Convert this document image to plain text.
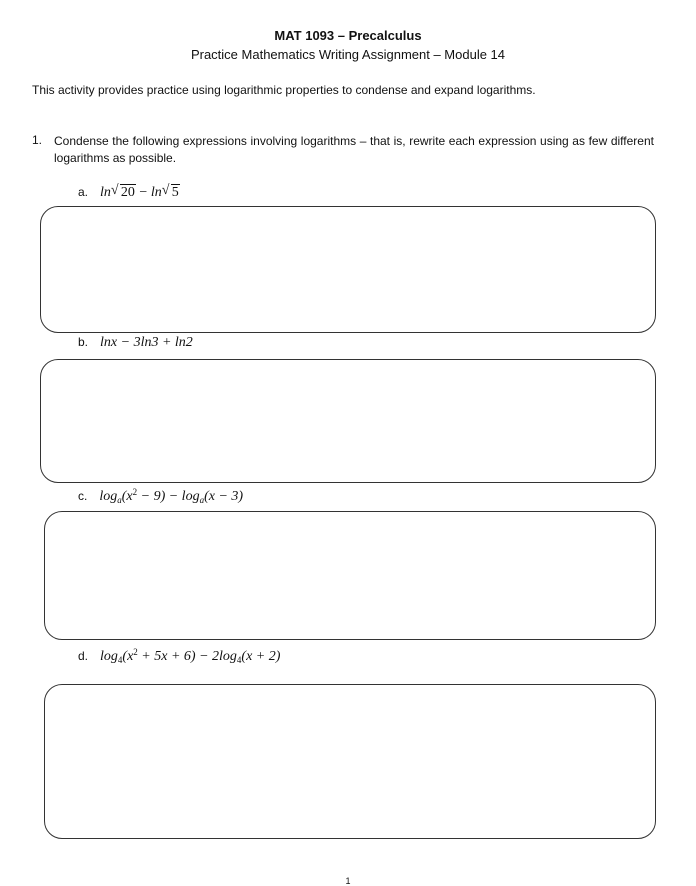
MAT 1093 – Precalculus
Practice Mathematics Writing Assignment – Module 14
This activity provides practice using logarithmic properties to condense and expand logarithms.
1. Condense the following expressions involving logarithms – that is, rewrite each expression using as few different logarithms as possible.
a. ln √ 20 − ln √ 5
b. lnx − 3ln3 + ln2
c. $\log_a(x^2 - 9) - \log_a(x - 3)$
d. $\log_4(x^2 + 5x + 6) - 2\log_4(x + 2)$
1
